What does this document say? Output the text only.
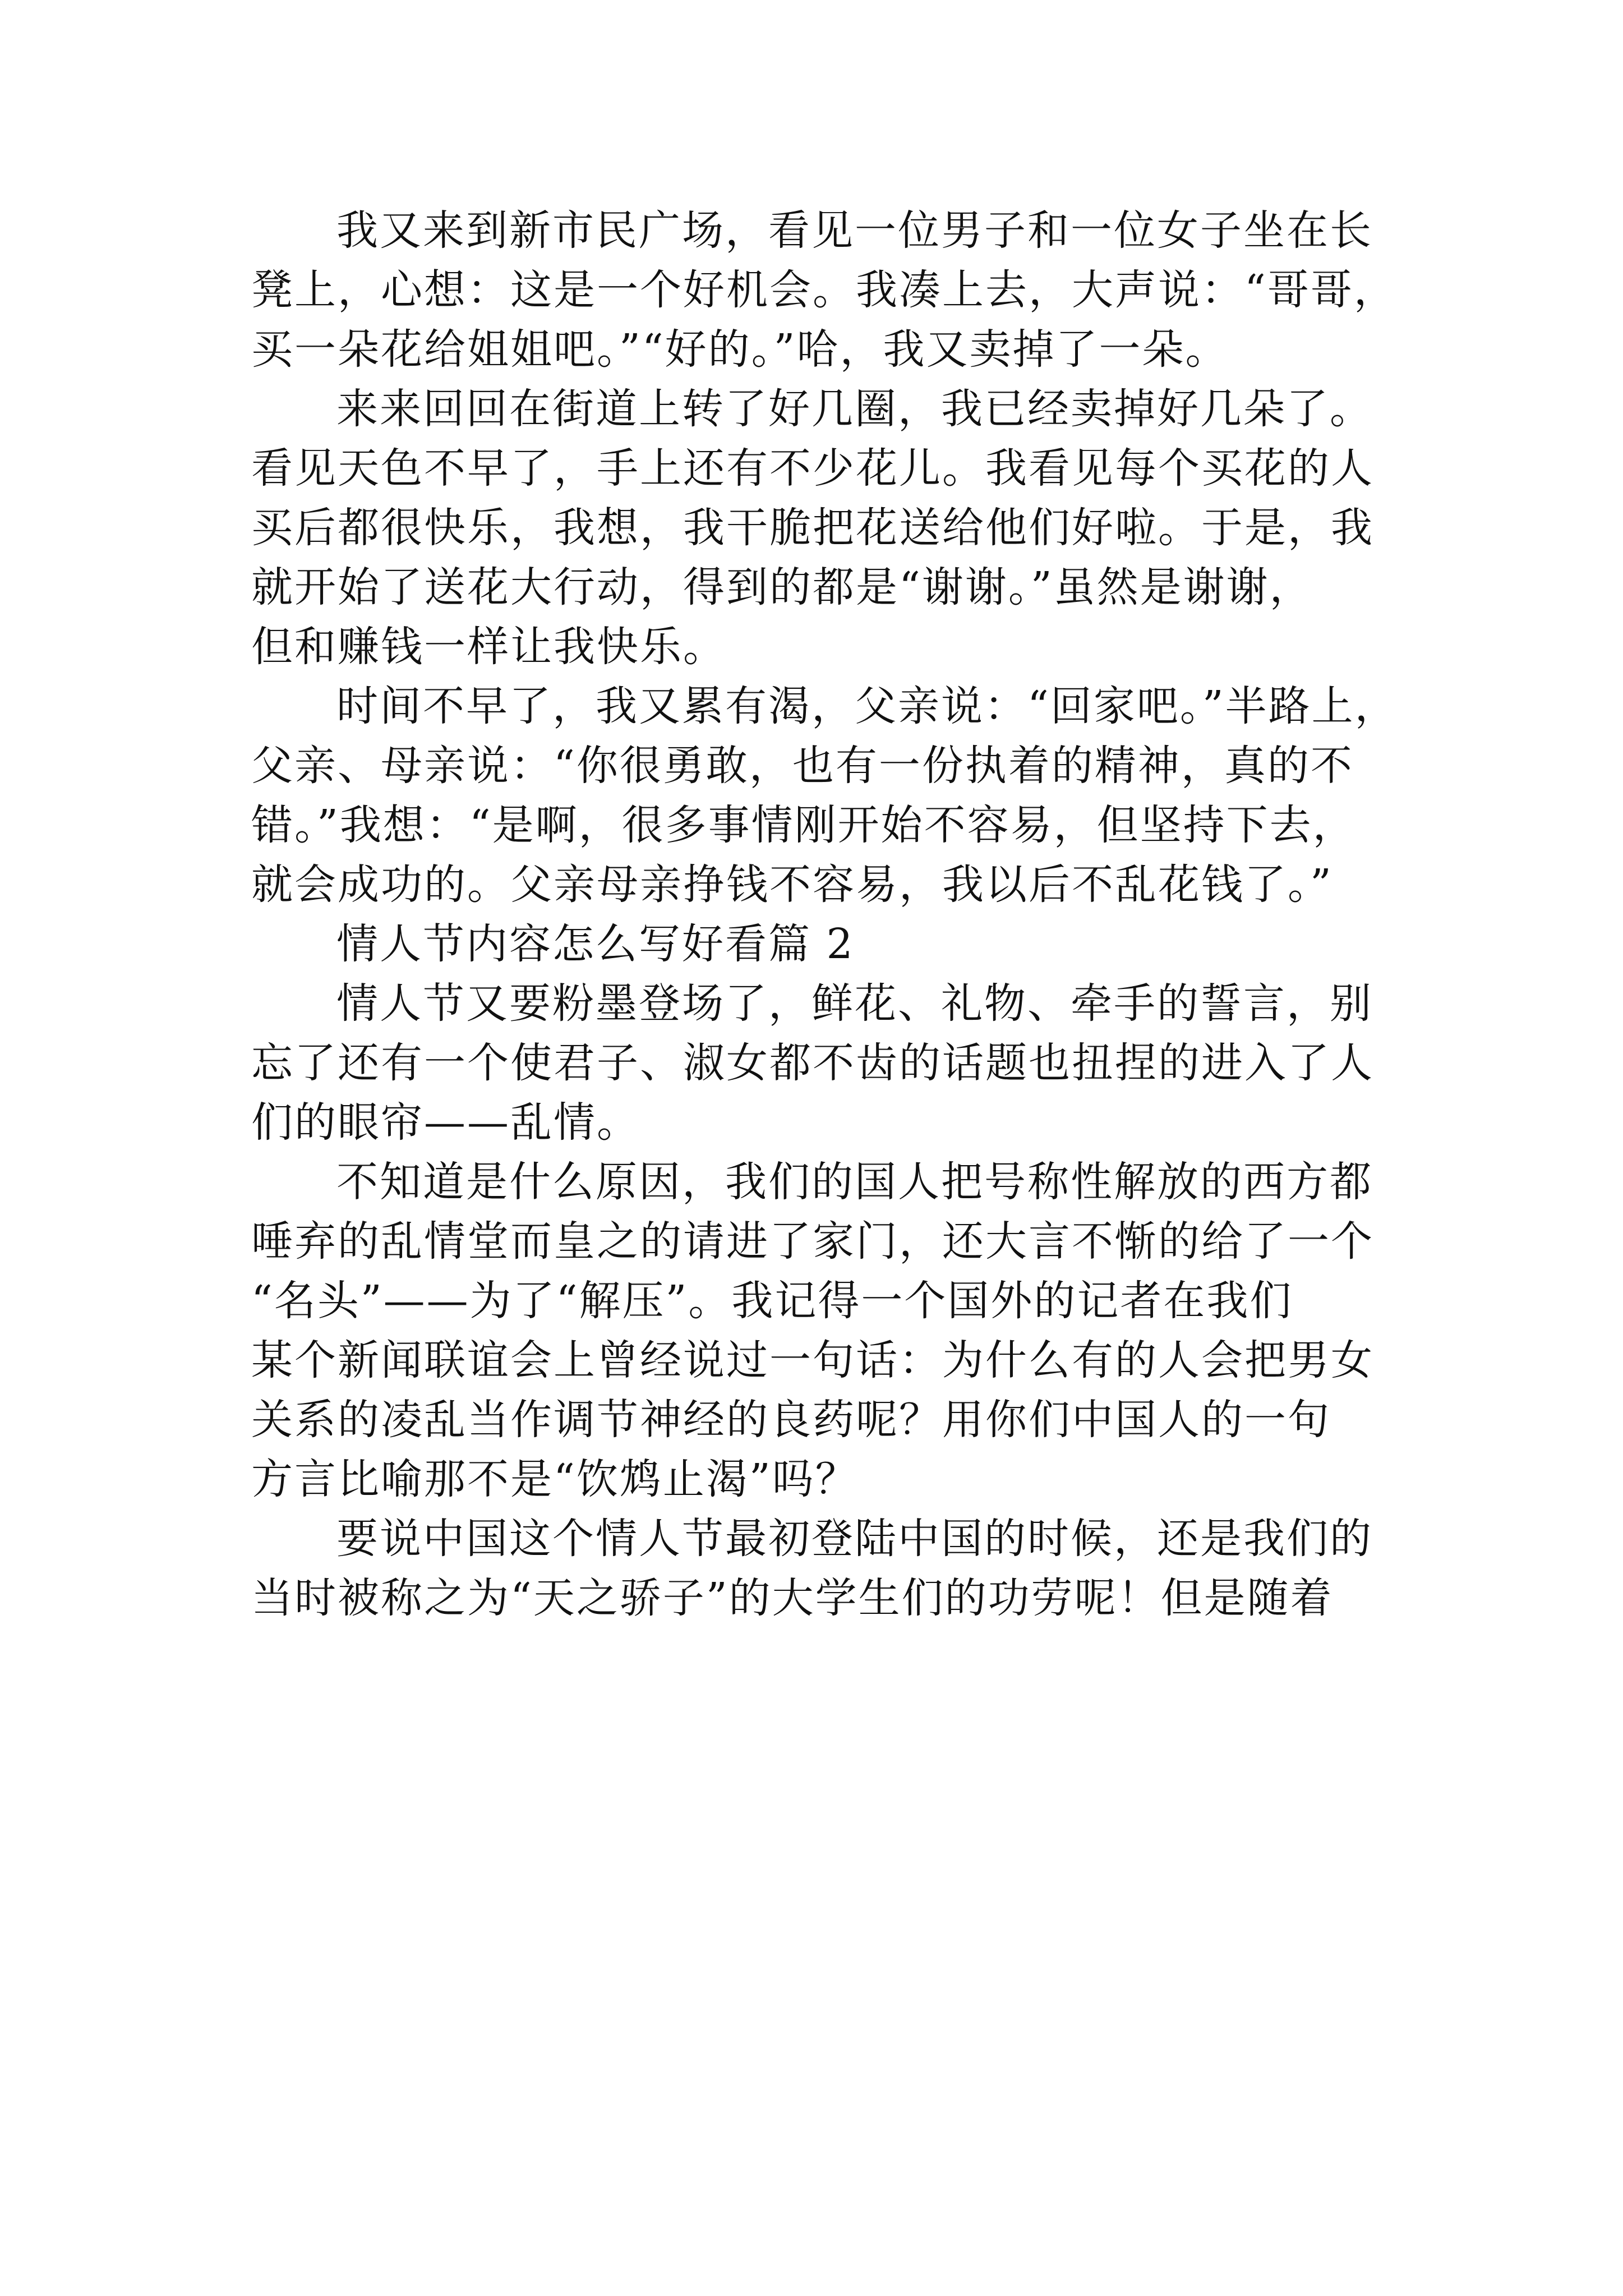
我又来到新市民广场，看见一位男子和一位女子坐在长
凳上，心想：这是一个好机会。我凑上去，大声说：“哥哥，
买一朵花给姐姐吧。”“好的。”哈，我又卖掉了一朵。
来来回回在街道上转了好几圈，我已经卖掉好几朵了。
看见天色不早了，手上还有不少花儿。我看见每个买花的人
买后都很快乐，我想，我干脆把花送给他们好啦。于是，我
就开始了送花大行动，得到的都是“谢谢。”虽然是谢谢，
但和赚钱一样让我快乐。
时间不早了，我又累有渴，父亲说：“回家吧。”半路上，
父亲、母亲说：“你很勇敢，也有一份执着的精神，真的不
错。”我想：“是啊，很多事情刚开始不容易，但坚持下去，
就会成功的。父亲母亲挣钱不容易，我以后不乱花钱了。”
情人节内容怎么写好看篇 2
情人节又要粉墨登场了，鲜花、礼物、牵手的誓言，别
忘了还有一个使君子、淑女都不齿的话题也扭捏的进入了人
们的眼帘——乱情。
不知道是什么原因，我们的国人把号称性解放的西方都
唾弃的乱情堂而皇之的请进了家门，还大言不惭的给了一个
“名头”——为了“解压”。我记得一个国外的记者在我们
某个新闻联谊会上曾经说过一句话：为什么有的人会把男女
关系的凌乱当作调节神经的良药呢？用你们中国人的一句
方言比喻那不是“饮鸩止渴”吗？
要说中国这个情人节最初登陆中国的时候，还是我们的
当时被称之为“天之骄子”的大学生们的功劳呢！但是随着
